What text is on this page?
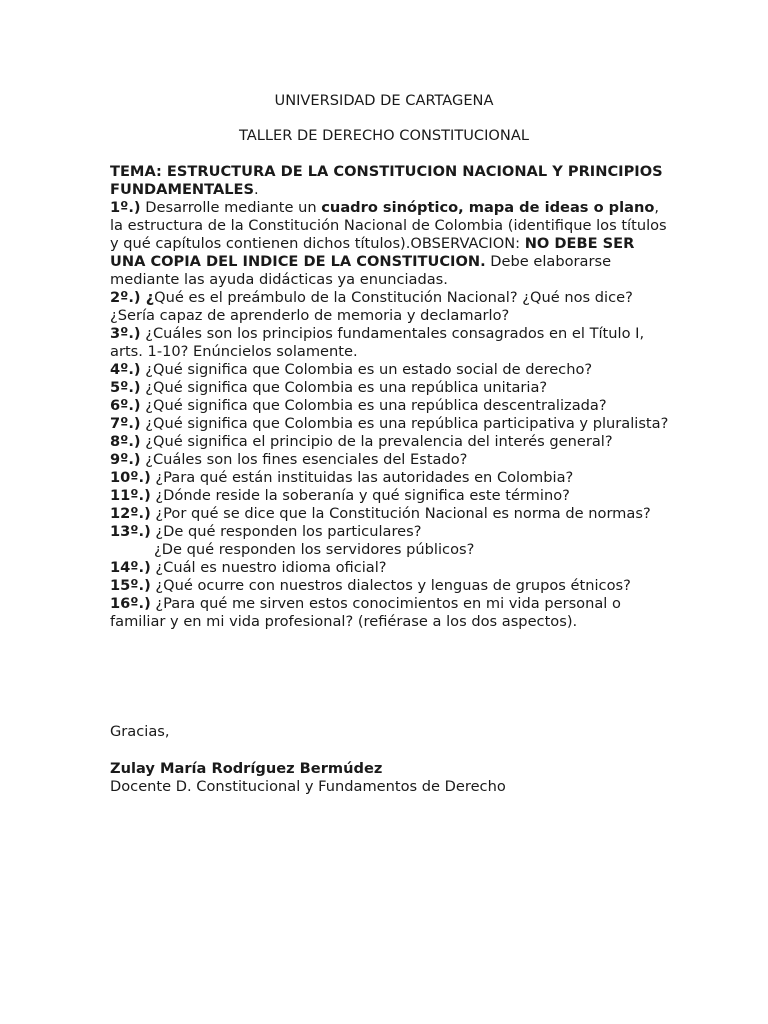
UNIVERSIDAD DE CARTAGENA
TALLER DE DERECHO CONSTITUCIONAL

TEMA: ESTRUCTURA DE LA CONSTITUCION NACIONAL Y PRINCIPIOS FUNDAMENTALES.

1º.) Desarrolle mediante un cuadro sinóptico, mapa de ideas o plano, la estructura de la Constitución Nacional de Colombia (identifique los títulos y qué capítulos contienen dichos títulos).OBSERVACION: NO DEBE SER UNA COPIA DEL INDICE DE LA CONSTITUCION. Debe elaborarse mediante las ayuda didácticas ya enunciadas.

2º.) ¿Qué es el preámbulo de la Constitución Nacional? ¿Qué nos dice? ¿Sería capaz de aprenderlo de memoria y declamarlo?

3º.) ¿Cuáles son los principios fundamentales consagrados en el Título I, arts. 1-10? Enúncielos solamente.

4º.) ¿Qué significa que Colombia es un estado social de derecho?

5º.) ¿Qué significa que Colombia es una república unitaria?

6º.) ¿Qué significa que Colombia es una república descentralizada?

7º.) ¿Qué significa que Colombia es una república participativa y pluralista?

8º.) ¿Qué significa el principio de la prevalencia del interés general?

9º.) ¿Cuáles son los fines esenciales del Estado?

10º.) ¿Para qué están instituidas las autoridades en Colombia?

11º.) ¿Dónde reside la soberanía y qué significa este término?

12º.) ¿Por qué se dice que la Constitución Nacional es norma de normas?

13º.) ¿De qué responden los particulares?

¿De qué responden los servidores públicos?

14º.) ¿Cuál es nuestro idioma oficial?

15º.) ¿Qué ocurre con nuestros dialectos y lenguas de grupos étnicos?

16º.) ¿Para qué me sirven estos conocimientos en mi vida personal o familiar y en mi vida profesional? (refiérase a los dos aspectos).

Gracias,
Zulay María Rodríguez Bermúdez
Docente D. Constitucional y Fundamentos de Derecho
